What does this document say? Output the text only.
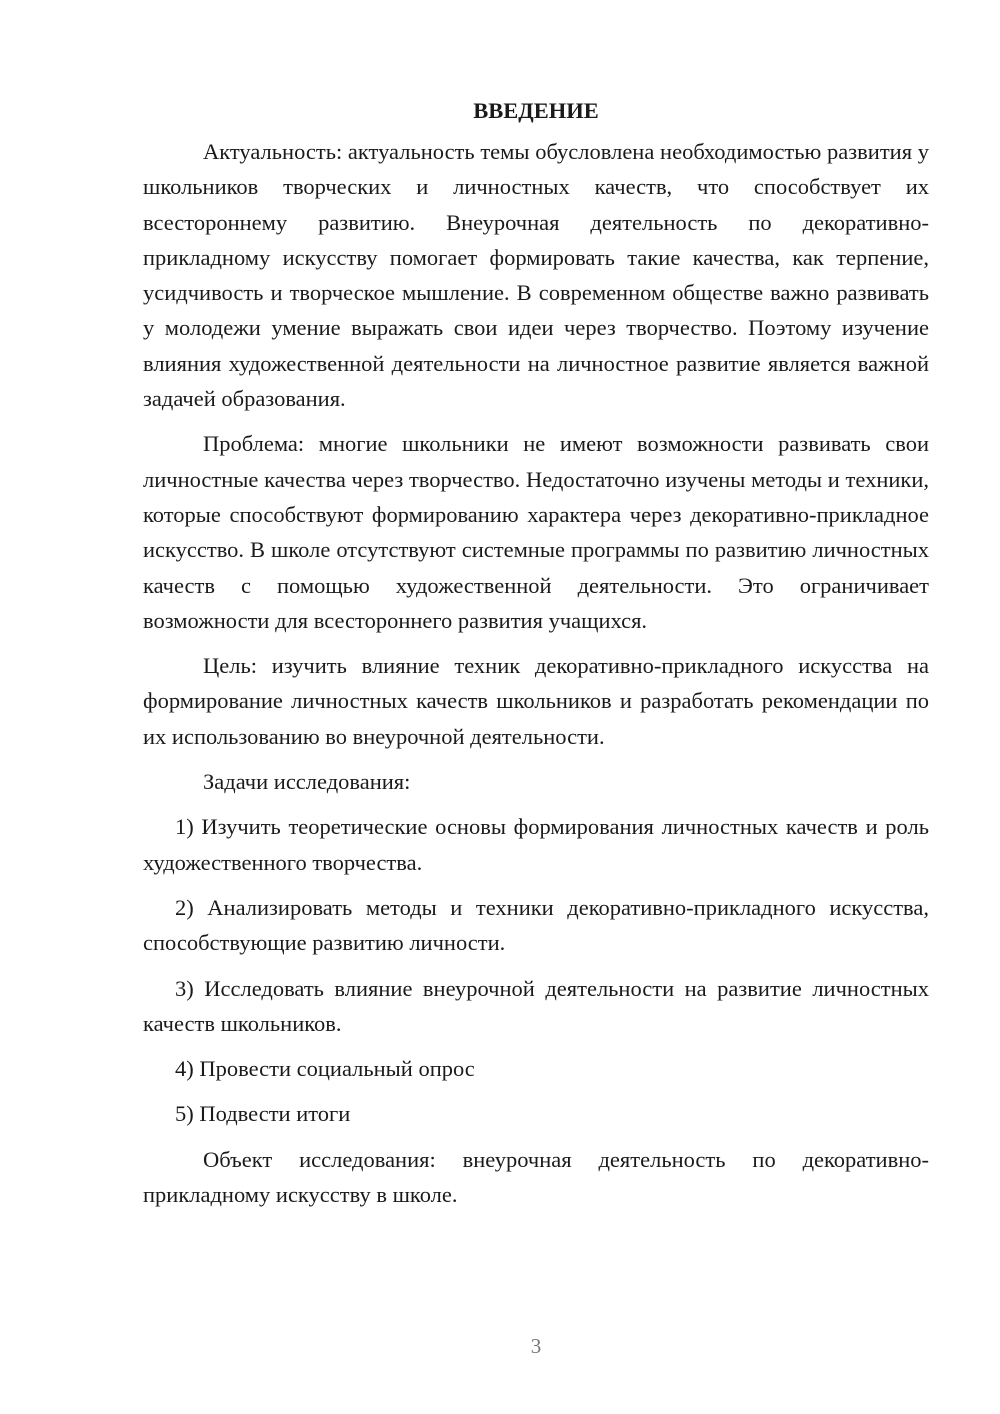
ВВЕДЕНИЕ

Актуальность: актуальность темы обусловлена необходимостью развития у школьников творческих и личностных качеств, что способствует их всестороннему развитию. Внеурочная деятельность по декоративно-прикладному искусству помогает формировать такие качества, как терпение, усидчивость и творческое мышление. В современном обществе важно развивать у молодежи умение выражать свои идеи через творчество. Поэтому изучение влияния художественной деятельности на личностное развитие является важной задачей образования.

Проблема: многие школьники не имеют возможности развивать свои личностные качества через творчество. Недостаточно изучены методы и техники, которые способствуют формированию характера через декоративно-прикладное искусство. В школе отсутствуют системные программы по развитию личностных качеств с помощью художественной деятельности. Это ограничивает возможности для всестороннего развития учащихся.

Цель: изучить влияние техник декоративно-прикладного искусства на формирование личностных качеств школьников и разработать рекомендации по их использованию во внеурочной деятельности.

Задачи исследования:

1) Изучить теоретические основы формирования личностных качеств и роль художественного творчества.

2) Анализировать методы и техники декоративно-прикладного искусства, способствующие развитию личности.

3) Исследовать влияние внеурочной деятельности на развитие личностных качеств школьников.

4) Провести социальный опрос

5) Подвести итоги

Объект исследования: внеурочная деятельность по декоративно-прикладному искусству в школе.

3
